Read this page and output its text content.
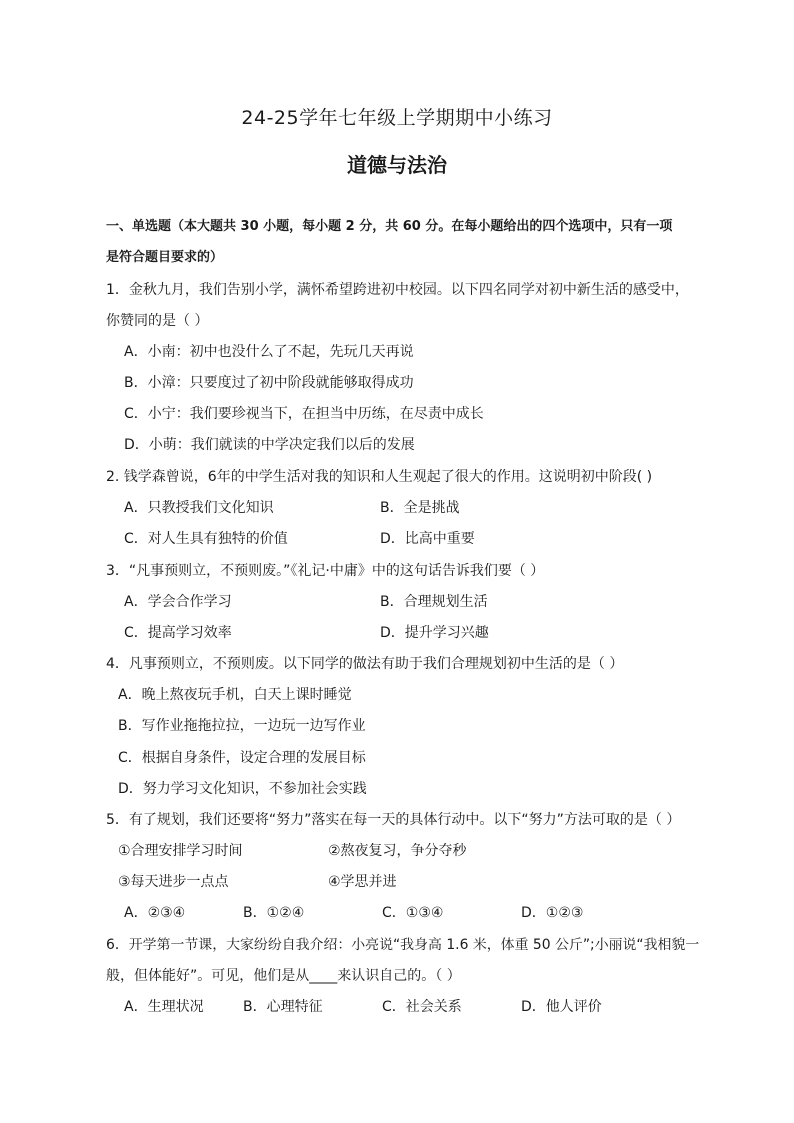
24-25学年七年级上学期期中小练习
道德与法治
一、单选题（本大题共 30 小题，每小题 2 分，共 60 分。在每小题给出的四个选项中，只有一项
是符合题目要求的）
1．金秋九月，我们告别小学，满怀希望跨进初中校园。以下四名同学对初中新生活的感受中，
你赞同的是（ ）
A．小南：初中也没什么了不起，先玩几天再说
B．小漳：只要度过了初中阶段就能够取得成功
C．小宁：我们要珍视当下，在担当中历练，在尽责中成长
D．小萌：我们就读的中学决定我们以后的发展
2. 钱学森曾说，6年的中学生活对我的知识和人生观起了很大的作用。这说明初中阶段( )
A．只教授我们文化知识	B．全是挑战
C．对人生具有独特的价值	D．比高中重要
3．“凡事预则立，不预则废。”《礼记·中庸》中的这句话告诉我们要（ ）
A．学会合作学习	B．合理规划生活
C．提高学习效率	D．提升学习兴趣
4．凡事预则立，不预则废。以下同学的做法有助于我们合理规划初中生活的是（ ）
A．晚上熬夜玩手机，白天上课时睡觉
B．写作业拖拖拉拉，一边玩一边写作业
C．根据自身条件，设定合理的发展目标
D．努力学习文化知识，不参加社会实践
5．有了规划，我们还要将“努力”落实在每一天的具体行动中。以下“努力”方法可取的是（ ）
①合理安排学习时间	②熬夜复习，争分夺秒
③每天进步一点点	④学思并进
A．②③④	B．①②④	C．①③④	D．①②③
6．开学第一节课，大家纷纷自我介绍：小亮说“我身高 1.6 米，体重 50 公斤”;小丽说“我相貌一
般，但体能好”。可见，他们是从____来认识自己的。（ ）
A．生理状况	B．心理特征	C．社会关系	D．他人评价
